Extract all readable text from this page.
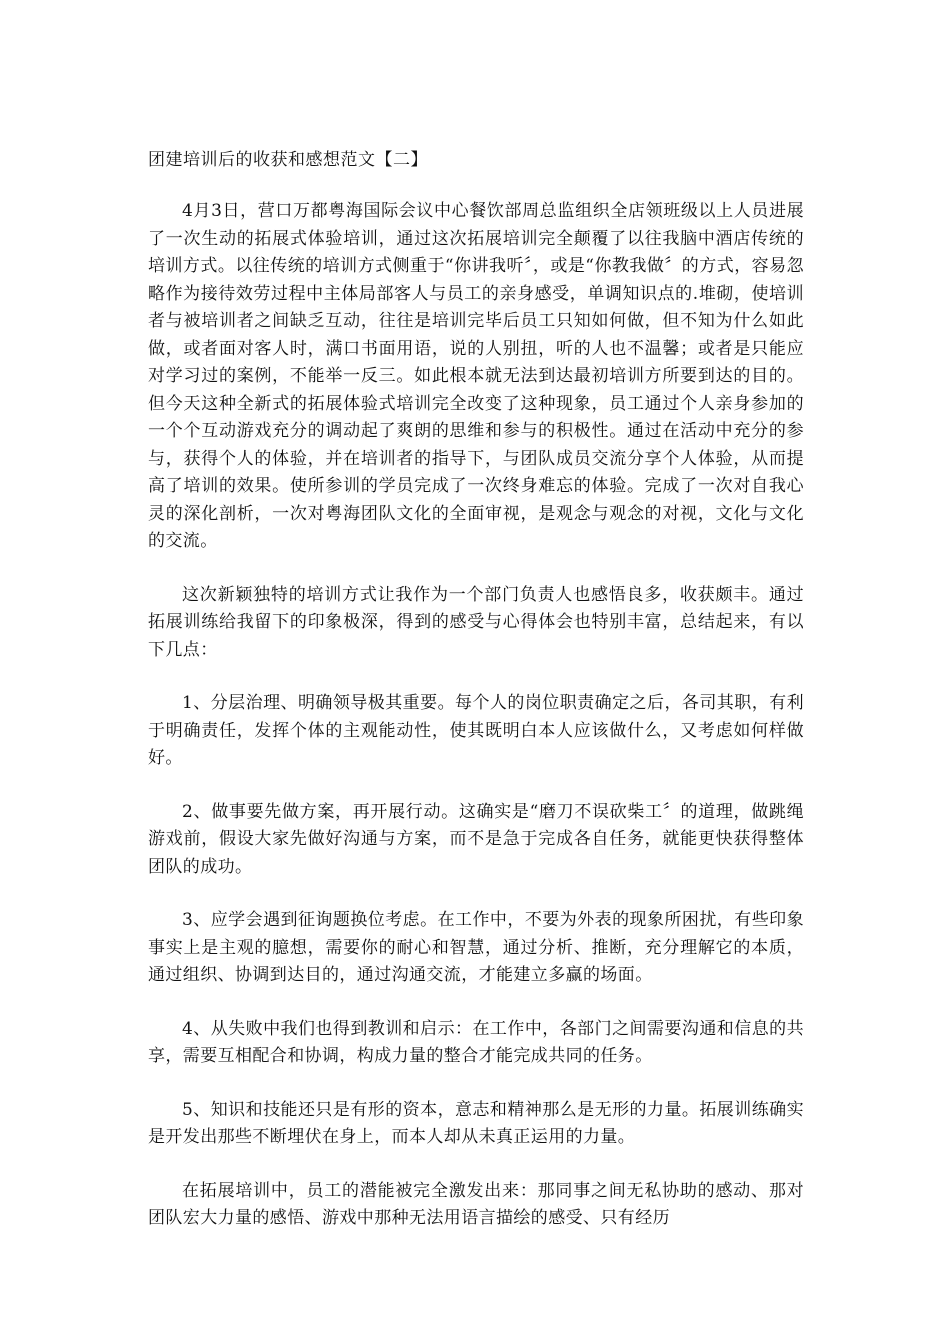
团建培训后的收获和感想范文【二】

4月3日，营口万都粤海国际会议中心餐饮部周总监组织全店领班级以上人员进展了一次生动的拓展式体验培训，通过这次拓展培训完全颠覆了以往我脑中酒店传统的培训方式。以往传统的培训方式侧重于“你讲我听〞，或是“你教我做〞的方式，容易忽略作为接待效劳过程中主体局部客人与员工的亲身感受，单调知识点的.堆砌，使培训者与被培训者之间缺乏互动，往往是培训完毕后员工只知如何做，但不知为什么如此做，或者面对客人时，满口书面用语，说的人别扭，听的人也不温馨；或者是只能应对学习过的案例，不能举一反三。如此根本就无法到达最初培训方所要到达的目的。但今天这种全新式的拓展体验式培训完全改变了这种现象，员工通过个人亲身参加的一个个互动游戏充分的调动起了爽朗的思维和参与的积极性。通过在活动中充分的参与，获得个人的体验，并在培训者的指导下，与团队成员交流分享个人体验，从而提高了培训的效果。使所参训的学员完成了一次终身难忘的体验。完成了一次对自我心灵的深化剖析，一次对粤海团队文化的全面审视，是观念与观念的对视，文化与文化的交流。

这次新颖独特的培训方式让我作为一个部门负责人也感悟良多，收获颇丰。通过拓展训练给我留下的印象极深，得到的感受与心得体会也特别丰富，总结起来，有以下几点：

1、分层治理、明确领导极其重要。每个人的岗位职责确定之后，各司其职，有利于明确责任，发挥个体的主观能动性，使其既明白本人应该做什么，又考虑如何样做好。

2、做事要先做方案，再开展行动。这确实是“磨刀不误砍柴工〞的道理，做跳绳游戏前，假设大家先做好沟通与方案，而不是急于完成各自任务，就能更快获得整体团队的成功。

3、应学会遇到征询题换位考虑。在工作中，不要为外表的现象所困扰，有些印象事实上是主观的臆想，需要你的耐心和智慧，通过分析、推断，充分理解它的本质，通过组织、协调到达目的，通过沟通交流，才能建立多赢的场面。

4、从失败中我们也得到教训和启示：在工作中，各部门之间需要沟通和信息的共享，需要互相配合和协调，构成力量的整合才能完成共同的任务。

5、知识和技能还只是有形的资本，意志和精神那么是无形的力量。拓展训练确实是开发出那些不断埋伏在身上，而本人却从未真正运用的力量。

在拓展培训中，员工的潜能被完全激发出来：那同事之间无私协助的感动、那对团队宏大力量的感悟、游戏中那种无法用语言描绘的感受、只有经历
